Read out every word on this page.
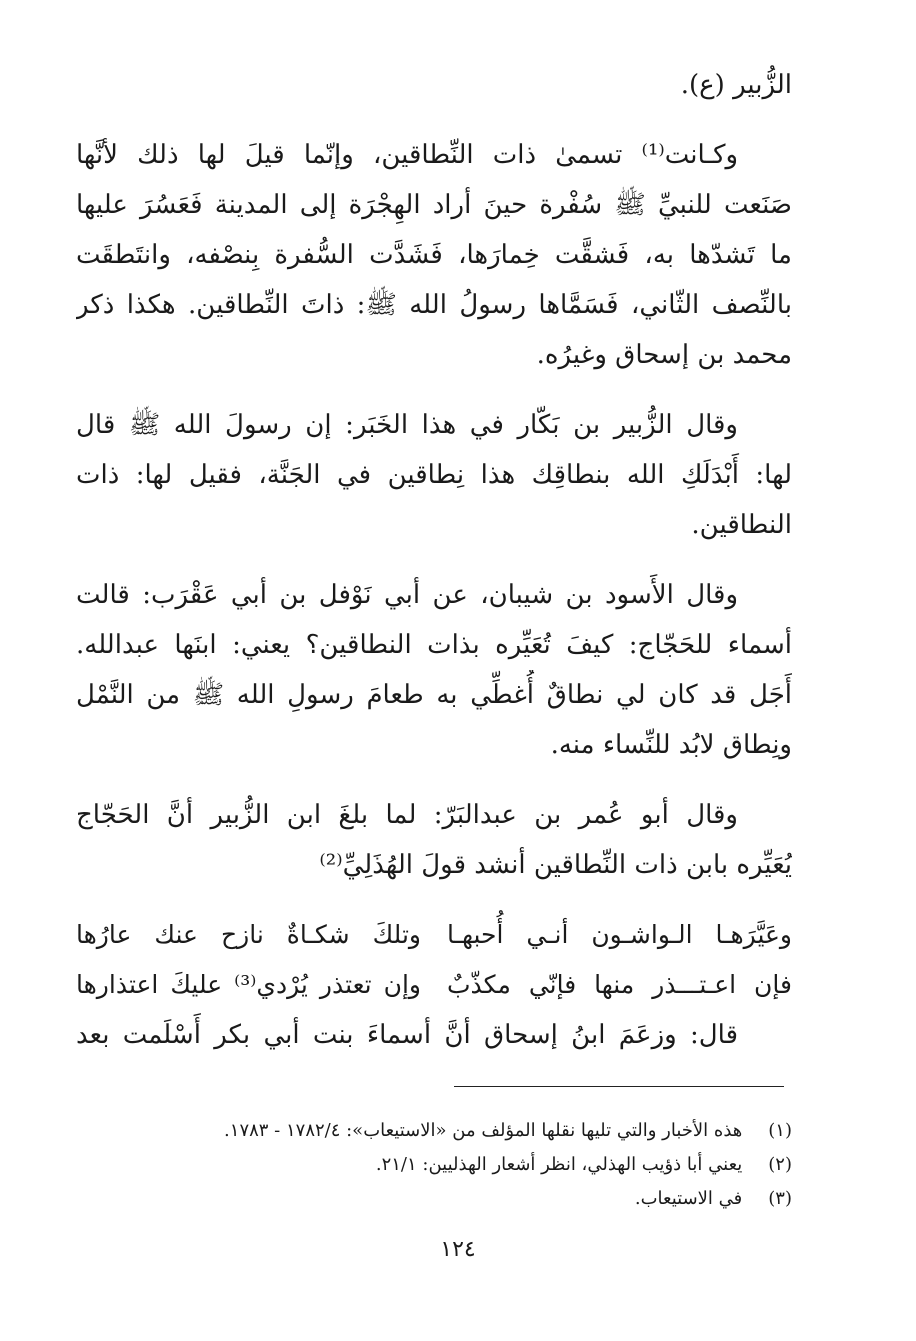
الزُّبير (ع).
وكـانت⁽¹⁾ تسمىٰ ذات النِّطاقين، وإنّما قيلَ لها ذلك لأنَّها
صَنَعت للنبيِّ ﷺ سُفْرة حينَ أراد الهِجْرَة إلى المدينة فَعَسُرَ عليها
ما تَشدّها به، فَشقَّت خِمارَها، فَشَدَّت السُّفرة بِنصْفه، وانتَطقَت
بالنِّصف الثّاني، فَسَمَّاها رسولُ الله ﷺ: ذاتَ النِّطاقين. هكذا ذكر
محمد بن إسحاق وغيرُه.
وقال الزُّبير بن بَكّار في هذا الخَبَر: إن رسولَ الله ﷺ قال
لها: أَبْدَلَكِ الله بنطاقِك هذا نِطاقين في الجَنَّة، فقيل لها: ذات
النطاقين.
وقال الأَسود بن شيبان، عن أبي نَوْفل بن أبي عَقْرَب: قالت
أسماء للحَجّاج: كيفَ تُعَيِّره بذات النطاقين؟ يعني: ابنَها عبدالله.
أَجَل قد كان لي نطاقٌ أُغطِّي به طعامَ رسولِ الله ﷺ من النَّمْل
ونِطاق لابُد للنِّساء منه.
وقال أبو عُمر بن عبدالبَرّ: لما بلغَ ابن الزُّبير أنَّ الحَجّاج
يُعَيِّره بابن ذات النِّطاقين أنشد قولَ الهُذَلِيِّ⁽²⁾
وعَيَّرَهـا الـواشـون أنـي أُحبهـا
وتلكَ شكـاةٌ نازح عنك عارُها
فإن اعـتـــذر منها فإنّي مكذّبٌ
وإن تعتذر يُرْدي⁽³⁾ عليكَ اعتذارها
قال: وزعَمَ ابنُ إسحاق أنَّ أسماءَ بنت أبي بكر أَسْلَمت بعد
(١) هذه الأخبار والتي تليها نقلها المؤلف من «الاستيعاب»: ١٧٨٢/٤ - ١٧٨٣.
(٢) يعني أبا ذؤيب الهذلي، انظر أشعار الهذليين: ٢١/١.
(٣) في الاستيعاب.
١٢٤
